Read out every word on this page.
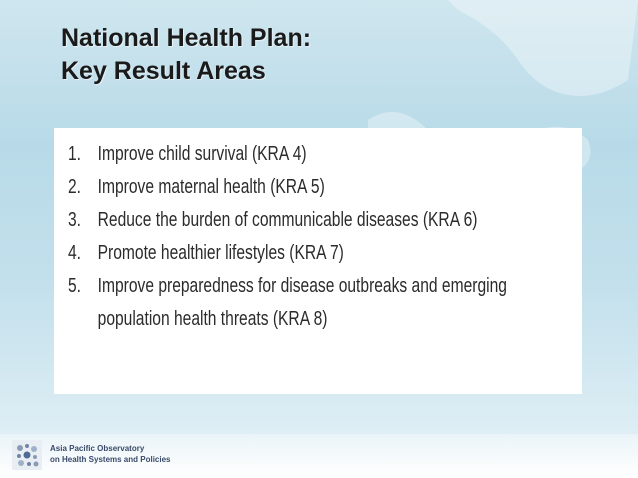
National Health Plan:
Key Result Areas
1. Improve child survival (KRA 4)
2. Improve maternal health (KRA 5)
3. Reduce the burden of communicable diseases (KRA 6)
4. Promote healthier lifestyles (KRA 7)
5. Improve preparedness for disease outbreaks and emerging
population health threats (KRA 8)
Asia Pacific Observatory
on Health Systems and Policies
